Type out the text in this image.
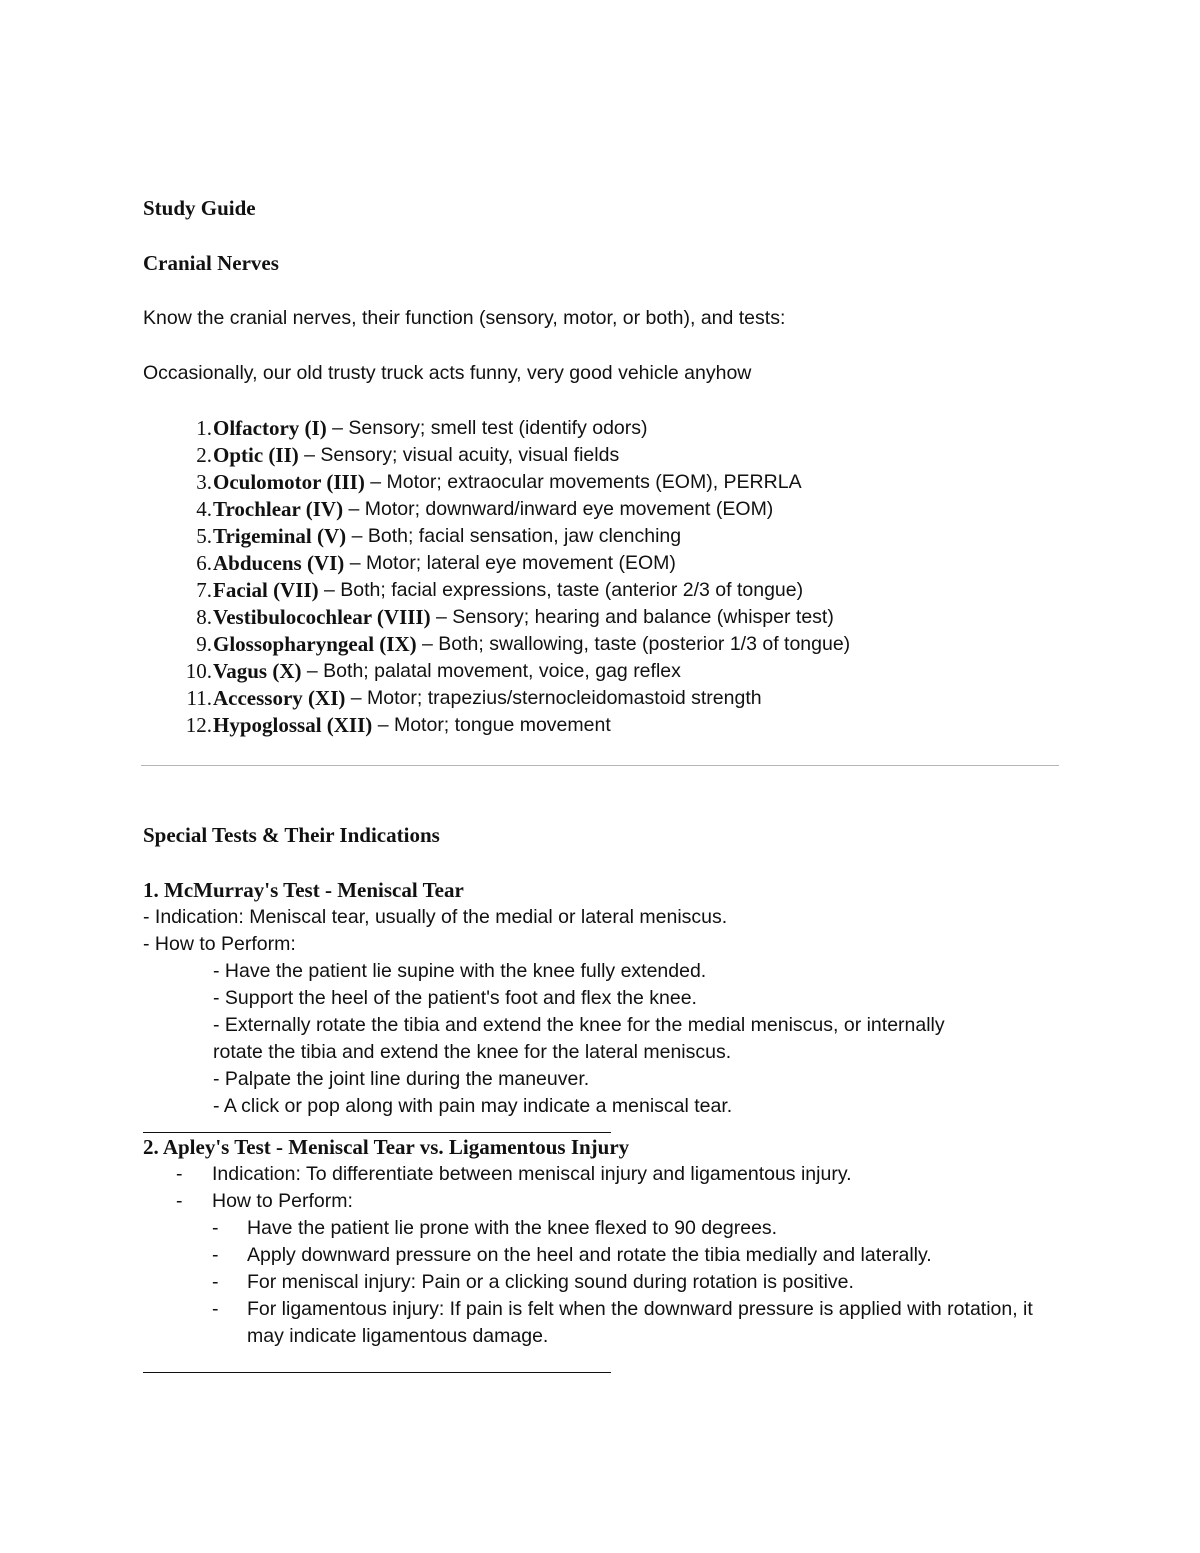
Study Guide

Cranial Nerves

Know the cranial nerves, their function (sensory, motor, or both), and tests:

Occasionally, our old trusty truck acts funny, very good vehicle anyhow

1. Olfactory (I) – Sensory; smell test (identify odors)
2. Optic (II) – Sensory; visual acuity, visual fields
3. Oculomotor (III) – Motor; extraocular movements (EOM), PERRLA
4. Trochlear (IV) – Motor; downward/inward eye movement (EOM)
5. Trigeminal (V) – Both; facial sensation, jaw clenching
6. Abducens (VI) – Motor; lateral eye movement (EOM)
7. Facial (VII) – Both; facial expressions, taste (anterior 2/3 of tongue)
8. Vestibulocochlear (VIII) – Sensory; hearing and balance (whisper test)
9. Glossopharyngeal (IX) – Both; swallowing, taste (posterior 1/3 of tongue)
10. Vagus (X) – Both; palatal movement, voice, gag reflex
11. Accessory (XI) – Motor; trapezius/sternocleidomastoid strength
12. Hypoglossal (XII) – Motor; tongue movement

Special Tests & Their Indications

1. McMurray's Test - Meniscal Tear

- Indication: Meniscal tear, usually of the medial or lateral meniscus.

- How to Perform:

- Have the patient lie supine with the knee fully extended.

- Support the heel of the patient's foot and flex the knee.

- Externally rotate the tibia and extend the knee for the medial meniscus, or internally

rotate the tibia and extend the knee for the lateral meniscus.

- Palpate the joint line during the maneuver.

- A click or pop along with pain may indicate a meniscal tear.

2. Apley's Test - Meniscal Tear vs. Ligamentous Injury

-	Indication: To differentiate between meniscal injury and ligamentous injury.
-	How to Perform:
-	Have the patient lie prone with the knee flexed to 90 degrees.
-	Apply downward pressure on the heel and rotate the tibia medially and laterally.
-	For meniscal injury: Pain or a clicking sound during rotation is positive.
-	For ligamentous injury: If pain is felt when the downward pressure is applied with rotation, it may indicate ligamentous damage.
